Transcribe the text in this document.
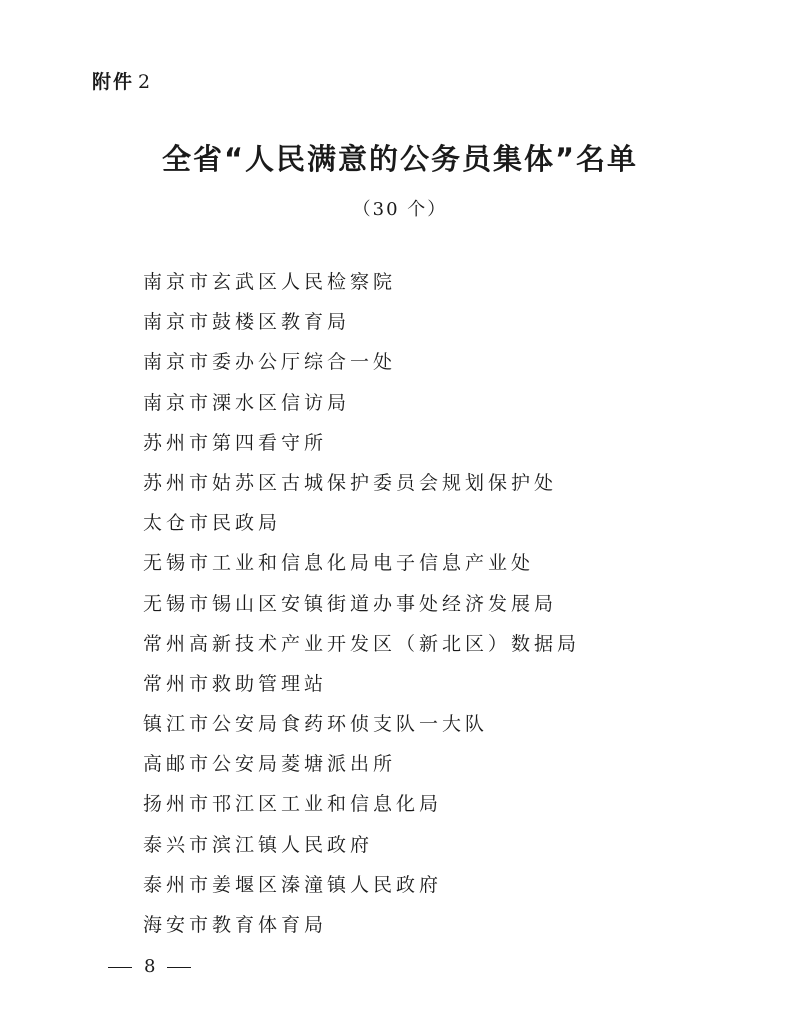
附件 2
全省“人民满意的公务员集体”名单
（30 个）
南京市玄武区人民检察院
南京市鼓楼区教育局
南京市委办公厅综合一处
南京市溧水区信访局
苏州市第四看守所
苏州市姑苏区古城保护委员会规划保护处
太仓市民政局
无锡市工业和信息化局电子信息产业处
无锡市锡山区安镇街道办事处经济发展局
常州高新技术产业开发区（新北区）数据局
常州市救助管理站
镇江市公安局食药环侦支队一大队
高邮市公安局菱塘派出所
扬州市邗江区工业和信息化局
泰兴市滨江镇人民政府
泰州市姜堰区溱潼镇人民政府
海安市教育体育局
8
